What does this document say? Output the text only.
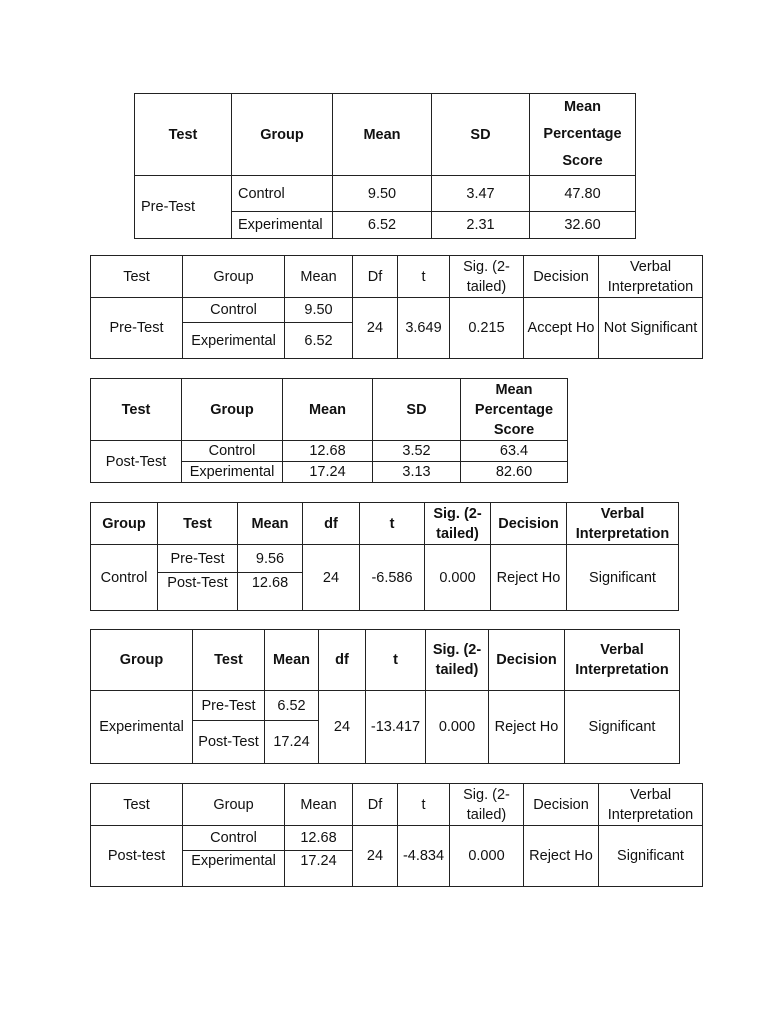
Test	Group	Mean	SD	Mean Percentage Score
Pre-Test	Control	9.50	3.47	47.80
	Experimental	6.52	2.31	32.60
Test	Group	Mean	Df	t	Sig. (2-tailed)	Decision	Verbal Interpretation
Pre-Test	Control	9.50	24	3.649	0.215	Accept Ho	Not Significant
	Experimental	6.52					
Test	Group	Mean	SD	Mean Percentage Score
Post-Test	Control	12.68	3.52	63.4
	Experimental	17.24	3.13	82.60
Group	Test	Mean	df	t	Sig. (2-tailed)	Decision	Verbal Interpretation
Control	Pre-Test	9.56	24	-6.586	0.000	Reject Ho	Significant
	Post-Test	12.68					
Group	Test	Mean	df	t	Sig. (2-tailed)	Decision	Verbal Interpretation
Experimental	Pre-Test	6.52	24	-13.417	0.000	Reject Ho	Significant
	Post-Test	17.24					
Test	Group	Mean	Df	t	Sig. (2-tailed)	Decision	Verbal Interpretation
Post-test	Control	12.68	24	-4.834	0.000	Reject Ho	Significant
	Experimental	17.24					
